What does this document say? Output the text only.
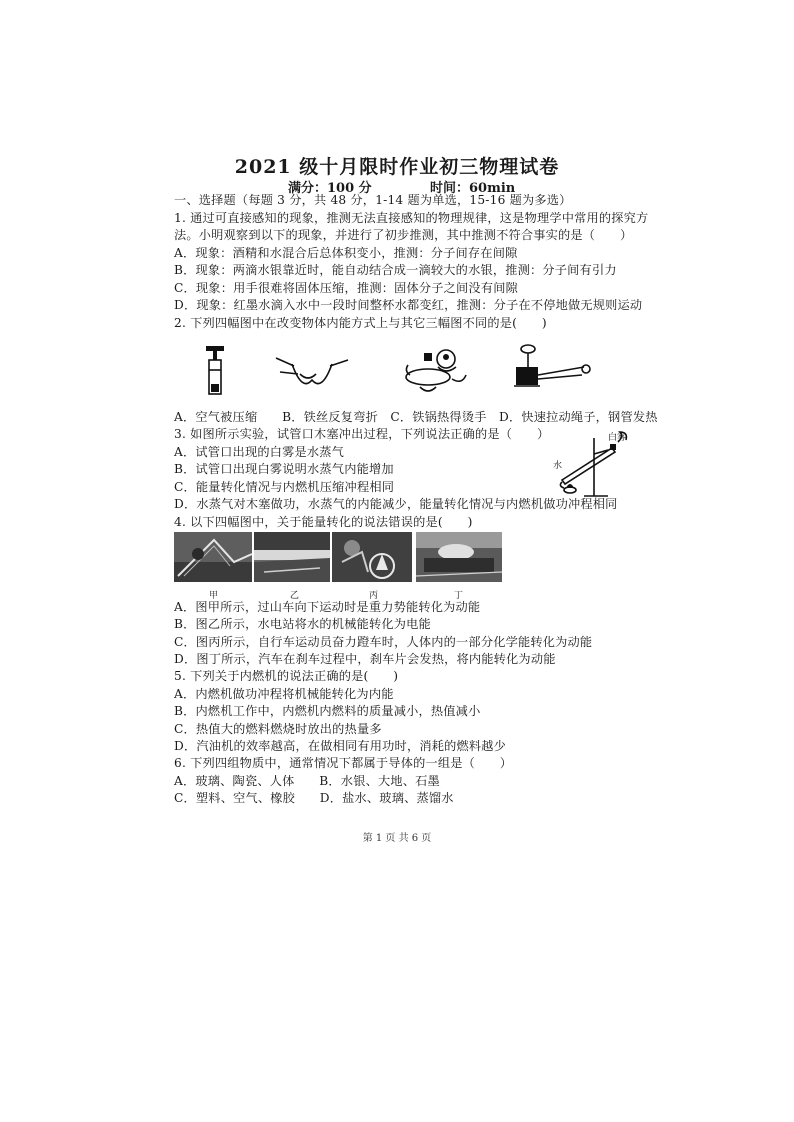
2021 级十月限时作业初三物理试卷
满分：100 分	时间：60min
一、选择题（每题 3 分，共 48 分，1-14 题为单选，15-16 题为多选）
1. 通过可直接感知的现象，推测无法直接感知的物理规律，这是物理学中常用的探究方
法。小明观察到以下的现象，并进行了初步推测，其中推测不符合事实的是（　　）
A．现象：酒精和水混合后总体积变小，推测：分子间存在间隙
B．现象：两滴水银靠近时，能自动结合成一滴较大的水银，推测：分子间有引力
C．现象：用手很难将固体压缩，推测：固体分子之间没有间隙
D．现象：红墨水滴入水中一段时间整杯水都变红，推测：分子在不停地做无规则运动
2. 下列四幅图中在改变物体内能方式上与其它三幅图不同的是(　　)
A．空气被压缩　　B．铁丝反复弯折　C．铁锅热得烫手　D．快速拉动绳子，钢管发热
3. 如图所示实验，试管口木塞冲出过程，下列说法正确的是（　　）	白雾
水
A．试管口出现的白雾是水蒸气
B．试管口出现白雾说明水蒸气内能增加
C．能量转化情况与内燃机压缩冲程相同
D．水蒸气对木塞做功，水蒸气的内能减少，能量转化情况与内燃机做功冲程相同
4. 以下四幅图中，关于能量转化的说法错误的是(　　)
甲	乙	丙	丁
A．图甲所示，过山车向下运动时是重力势能转化为动能
B．图乙所示，水电站将水的机械能转化为电能
C．图丙所示，自行车运动员奋力蹬车时，人体内的一部分化学能转化为动能
D．图丁所示，汽车在刹车过程中，刹车片会发热，将内能转化为动能
5. 下列关于内燃机的说法正确的是(　　)
A．内燃机做功冲程将机械能转化为内能
B．内燃机工作中，内燃机内燃料的质量减小，热值减小
C．热值大的燃料燃烧时放出的热量多
D．汽油机的效率越高，在做相同有用功时，消耗的燃料越少
6. 下列四组物质中，通常情况下都属于导体的一组是（　　）
A．玻璃、陶瓷、人体　　B．水银、大地、石墨
C．塑料、空气、橡胶　　D．盐水、玻璃、蒸馏水
第 1 页 共 6 页
